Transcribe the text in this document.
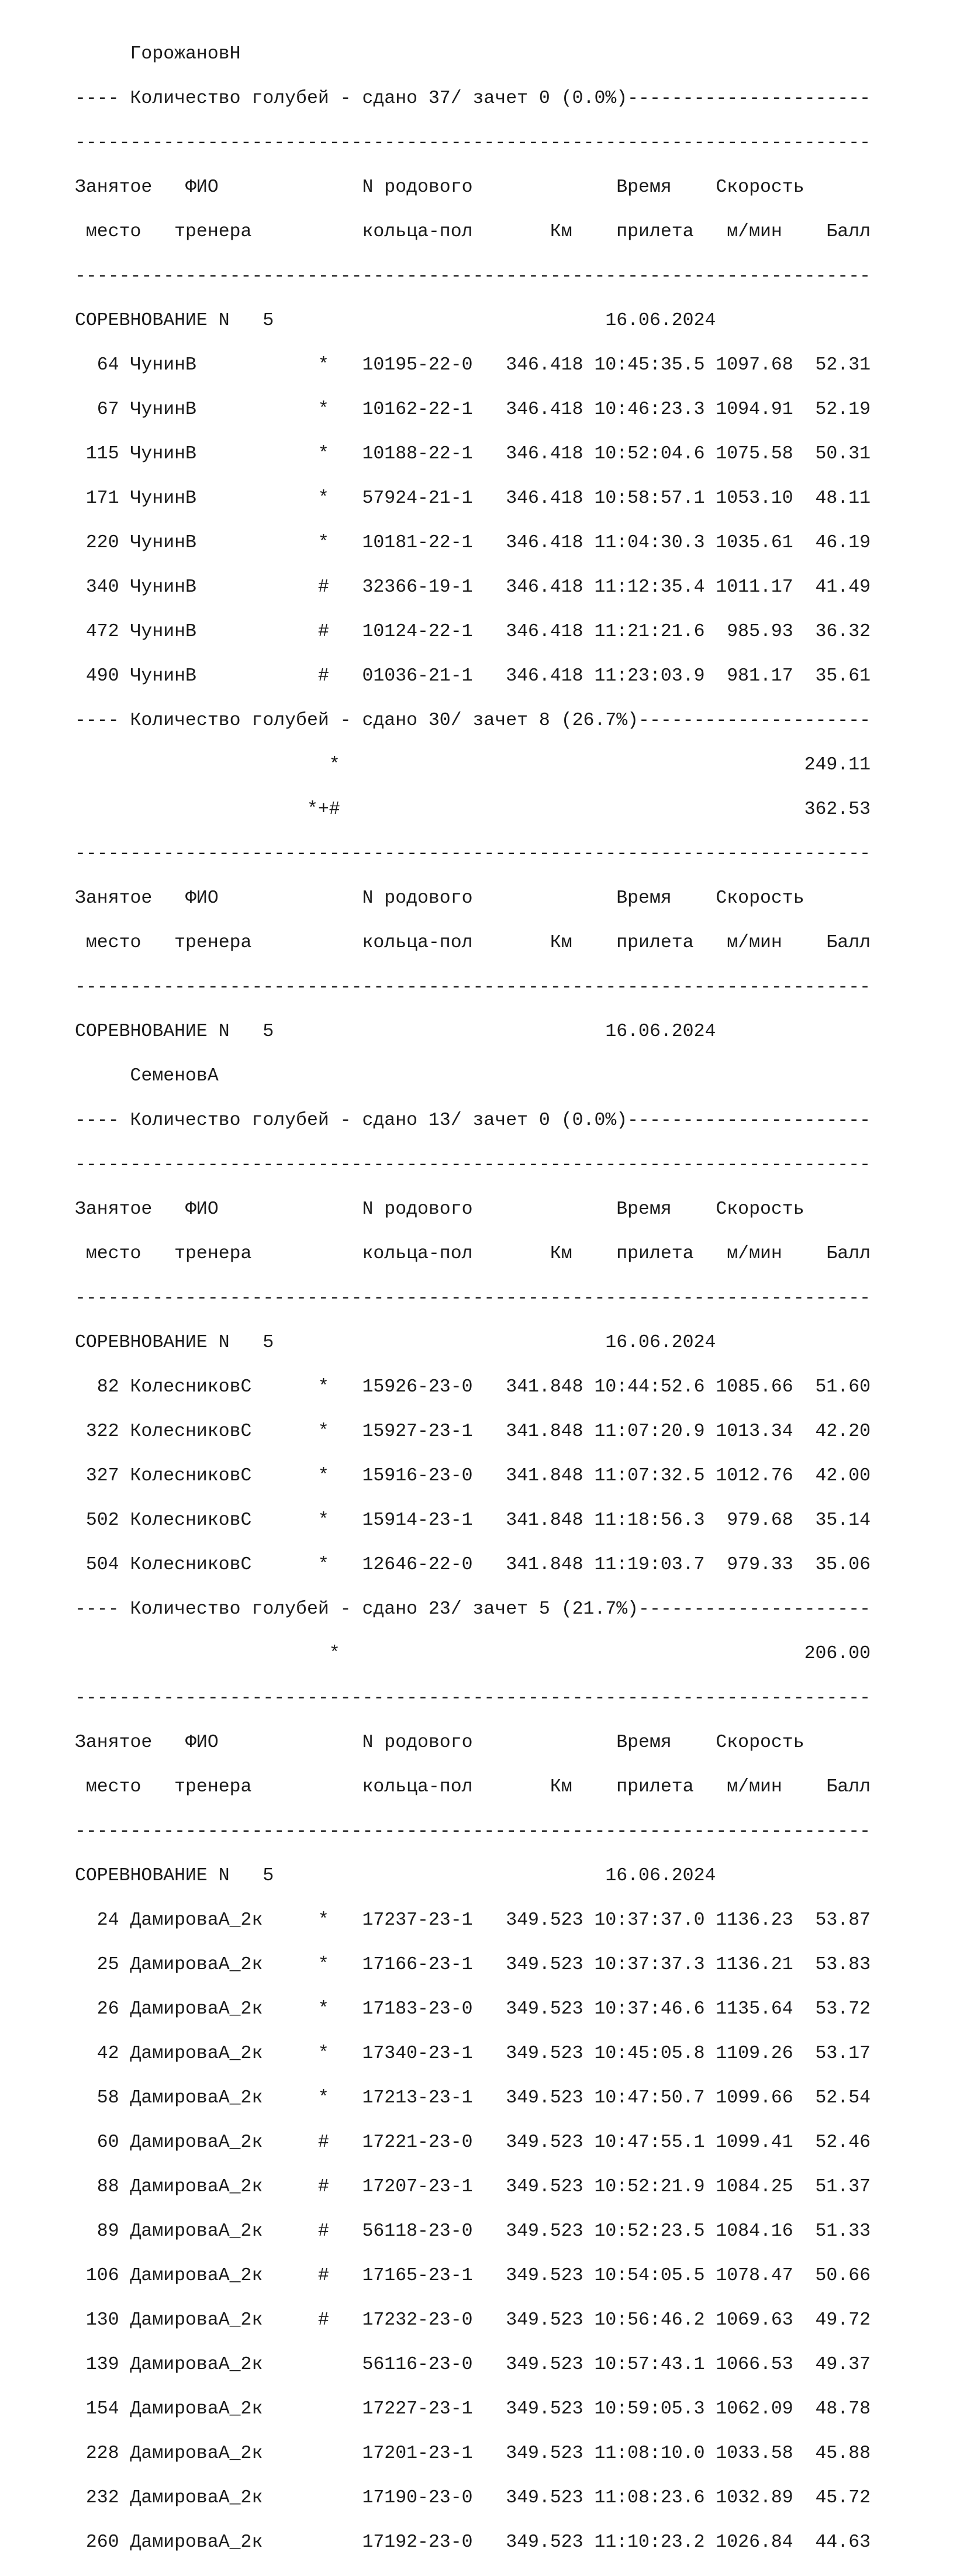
ГорожановН

---- Количество голубей - сдано 37/ зачет 0 (0.0%)----------------------

------------------------------------------------------------------------

Занятое   ФИО             N родового             Время    Скорость

место   тренера          кольца-пол       Км    прилета   м/мин    Балл

------------------------------------------------------------------------

СОРЕВНОВАНИЕ N   5                              16.06.2024

64 ЧунинВ           *   10195-22-0   346.418 10:45:35.5 1097.68  52.31

67 ЧунинВ           *   10162-22-1   346.418 10:46:23.3 1094.91  52.19

115 ЧунинВ           *   10188-22-1   346.418 10:52:04.6 1075.58  50.31

171 ЧунинВ           *   57924-21-1   346.418 10:58:57.1 1053.10  48.11

220 ЧунинВ           *   10181-22-1   346.418 11:04:30.3 1035.61  46.19

340 ЧунинВ           #   32366-19-1   346.418 11:12:35.4 1011.17  41.49

472 ЧунинВ           #   10124-22-1   346.418 11:21:21.6  985.93  36.32

490 ЧунинВ           #   01036-21-1   346.418 11:23:03.9  981.17  35.61

---- Количество голубей - сдано 30/ зачет 8 (26.7%)---------------------

*                                          249.11

*+#                                          362.53

------------------------------------------------------------------------

Занятое   ФИО             N родового             Время    Скорость

место   тренера          кольца-пол       Км    прилета   м/мин    Балл

------------------------------------------------------------------------

СОРЕВНОВАНИЕ N   5                              16.06.2024

СеменовА

---- Количество голубей - сдано 13/ зачет 0 (0.0%)----------------------

------------------------------------------------------------------------

Занятое   ФИО             N родового             Время    Скорость

место   тренера          кольца-пол       Км    прилета   м/мин    Балл

------------------------------------------------------------------------

СОРЕВНОВАНИЕ N   5                              16.06.2024

82 КолесниковС      *   15926-23-0   341.848 10:44:52.6 1085.66  51.60

322 КолесниковС      *   15927-23-1   341.848 11:07:20.9 1013.34  42.20

327 КолесниковС      *   15916-23-0   341.848 11:07:32.5 1012.76  42.00

502 КолесниковС      *   15914-23-1   341.848 11:18:56.3  979.68  35.14

504 КолесниковС      *   12646-22-0   341.848 11:19:03.7  979.33  35.06

---- Количество голубей - сдано 23/ зачет 5 (21.7%)---------------------

*                                          206.00

------------------------------------------------------------------------

Занятое   ФИО             N родового             Время    Скорость

место   тренера          кольца-пол       Км    прилета   м/мин    Балл

------------------------------------------------------------------------

СОРЕВНОВАНИЕ N   5                              16.06.2024

24 ДамироваА_2к     *   17237-23-1   349.523 10:37:37.0 1136.23  53.87

25 ДамироваА_2к     *   17166-23-1   349.523 10:37:37.3 1136.21  53.83

26 ДамироваА_2к     *   17183-23-0   349.523 10:37:46.6 1135.64  53.72

42 ДамироваА_2к     *   17340-23-1   349.523 10:45:05.8 1109.26  53.17

58 ДамироваА_2к     *   17213-23-1   349.523 10:47:50.7 1099.66  52.54

60 ДамироваА_2к     #   17221-23-0   349.523 10:47:55.1 1099.41  52.46

88 ДамироваА_2к     #   17207-23-1   349.523 10:52:21.9 1084.25  51.37

89 ДамироваА_2к     #   56118-23-0   349.523 10:52:23.5 1084.16  51.33

106 ДамироваА_2к     #   17165-23-1   349.523 10:54:05.5 1078.47  50.66

130 ДамироваА_2к     #   17232-23-0   349.523 10:56:46.2 1069.63  49.72

139 ДамироваА_2к         56116-23-0   349.523 10:57:43.1 1066.53  49.37

154 ДамироваА_2к         17227-23-1   349.523 10:59:05.3 1062.09  48.78

228 ДамироваА_2к         17201-23-1   349.523 11:08:10.0 1033.58  45.88

232 ДамироваА_2к         17190-23-0   349.523 11:08:23.6 1032.89  45.72

260 ДамироваА_2к         17192-23-0   349.523 11:10:23.2 1026.84  44.63
